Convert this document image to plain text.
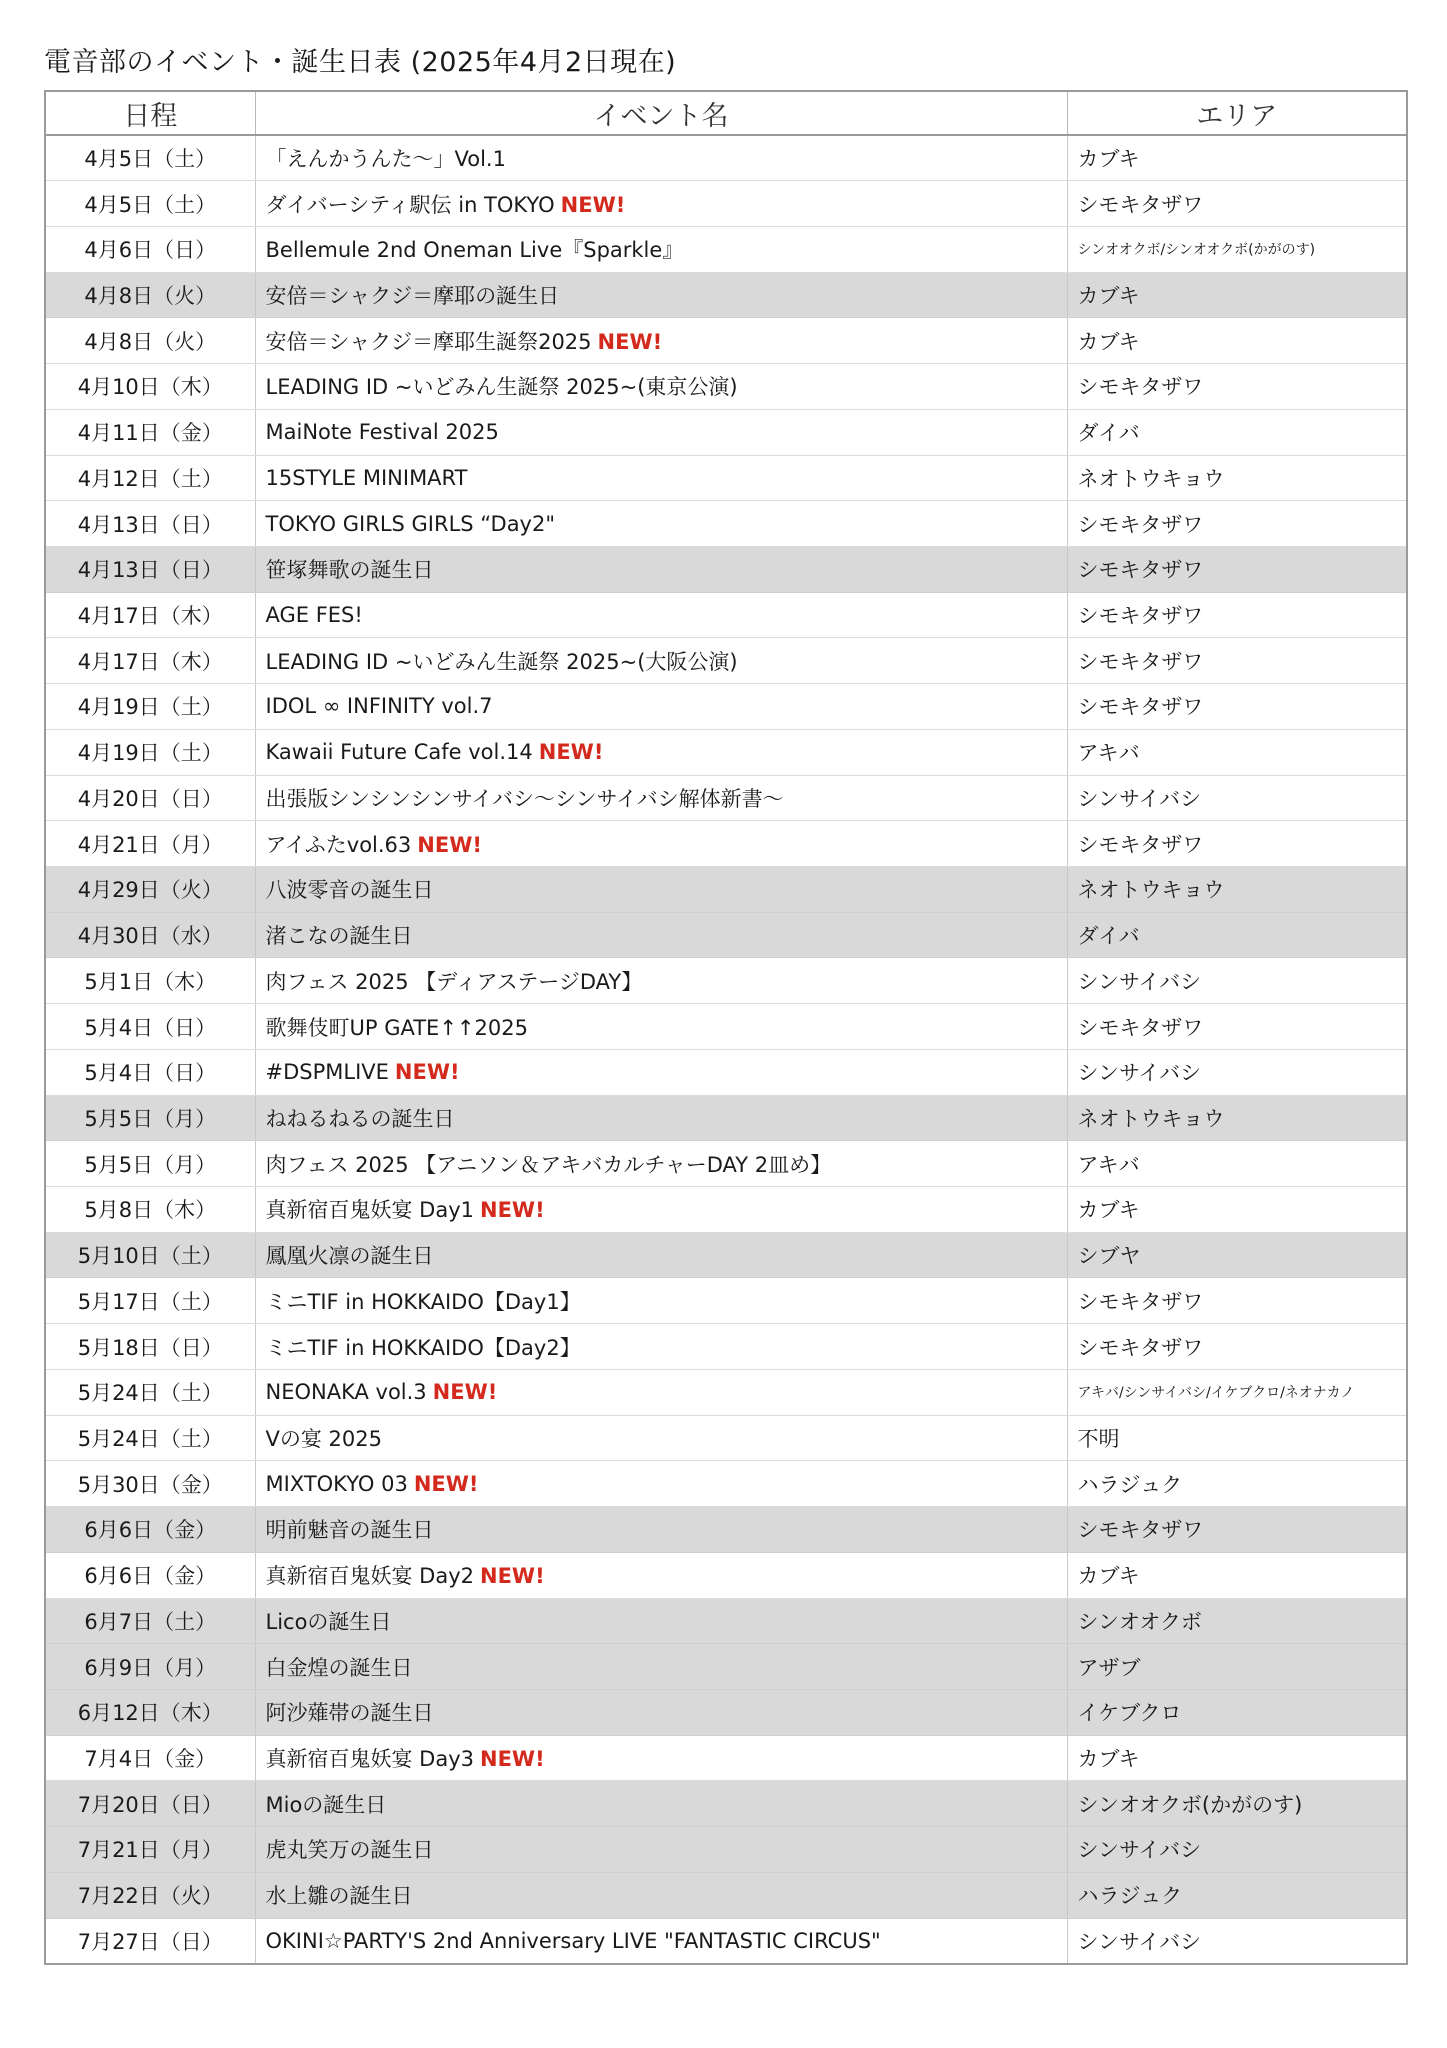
電音部のイベント・誕生日表 (2025年4月2日現在)
日程	イベント名	エリア
4月5日（土）	「えんかうんた〜」Vol.1	カブキ
4月5日（土）	ダイバーシティ駅伝 in TOKYO NEW!	シモキタザワ
4月6日（日）	Bellemule 2nd Oneman Live『Sparkle』	シンオオクボ/シンオオクボ(かがのす)
4月8日（火）	安倍＝シャクジ＝摩耶の誕生日	カブキ
4月8日（火）	安倍＝シャクジ＝摩耶生誕祭2025 NEW!	カブキ
4月10日（木）	LEADING ID ~いどみん生誕祭 2025~(東京公演)	シモキタザワ
4月11日（金）	MaiNote Festival 2025	ダイバ
4月12日（土）	15STYLE MINIMART	ネオトウキョウ
4月13日（日）	TOKYO GIRLS GIRLS “Day2"	シモキタザワ
4月13日（日）	笹塚舞歌の誕生日	シモキタザワ
4月17日（木）	AGE FES!	シモキタザワ
4月17日（木）	LEADING ID ~いどみん生誕祭 2025~(大阪公演)	シモキタザワ
4月19日（土）	IDOL ∞ INFINITY vol.7	シモキタザワ
4月19日（土）	Kawaii Future Cafe vol.14 NEW!	アキバ
4月20日（日）	出張版シンシンシンサイバシ〜シンサイバシ解体新書〜	シンサイバシ
4月21日（月）	アイふたvol.63 NEW!	シモキタザワ
4月29日（火）	八波零音の誕生日	ネオトウキョウ
4月30日（水）	渚こなの誕生日	ダイバ
5月1日（木）	肉フェス 2025 【ディアステージDAY】	シンサイバシ
5月4日（日）	歌舞伎町UP GATE↑↑2025	シモキタザワ
5月4日（日）	#DSPMLIVE NEW!	シンサイバシ
5月5日（月）	ねねるねるの誕生日	ネオトウキョウ
5月5日（月）	肉フェス 2025 【アニソン＆アキバカルチャーDAY 2皿め】	アキバ
5月8日（木）	真新宿百鬼妖宴 Day1 NEW!	カブキ
5月10日（土）	鳳凰火凛の誕生日	シブヤ
5月17日（土）	ミニTIF in HOKKAIDO【Day1】	シモキタザワ
5月18日（日）	ミニTIF in HOKKAIDO【Day2】	シモキタザワ
5月24日（土）	NEONAKA vol.3 NEW!	アキバ/シンサイバシ/イケブクロ/ネオナカノ
5月24日（土）	Vの宴 2025	不明
5月30日（金）	MIXTOKYO 03 NEW!	ハラジュク
6月6日（金）	明前魅音の誕生日	シモキタザワ
6月6日（金）	真新宿百鬼妖宴 Day2 NEW!	カブキ
6月7日（土）	Licoの誕生日	シンオオクボ
6月9日（月）	白金煌の誕生日	アザブ
6月12日（木）	阿沙薙帯の誕生日	イケブクロ
7月4日（金）	真新宿百鬼妖宴 Day3 NEW!	カブキ
7月20日（日）	Mioの誕生日	シンオオクボ(かがのす)
7月21日（月）	虎丸笑万の誕生日	シンサイバシ
7月22日（火）	水上雛の誕生日	ハラジュク
7月27日（日）	OKINI☆PARTY'S 2nd Anniversary LIVE "FANTASTIC CIRCUS"	シンサイバシ
